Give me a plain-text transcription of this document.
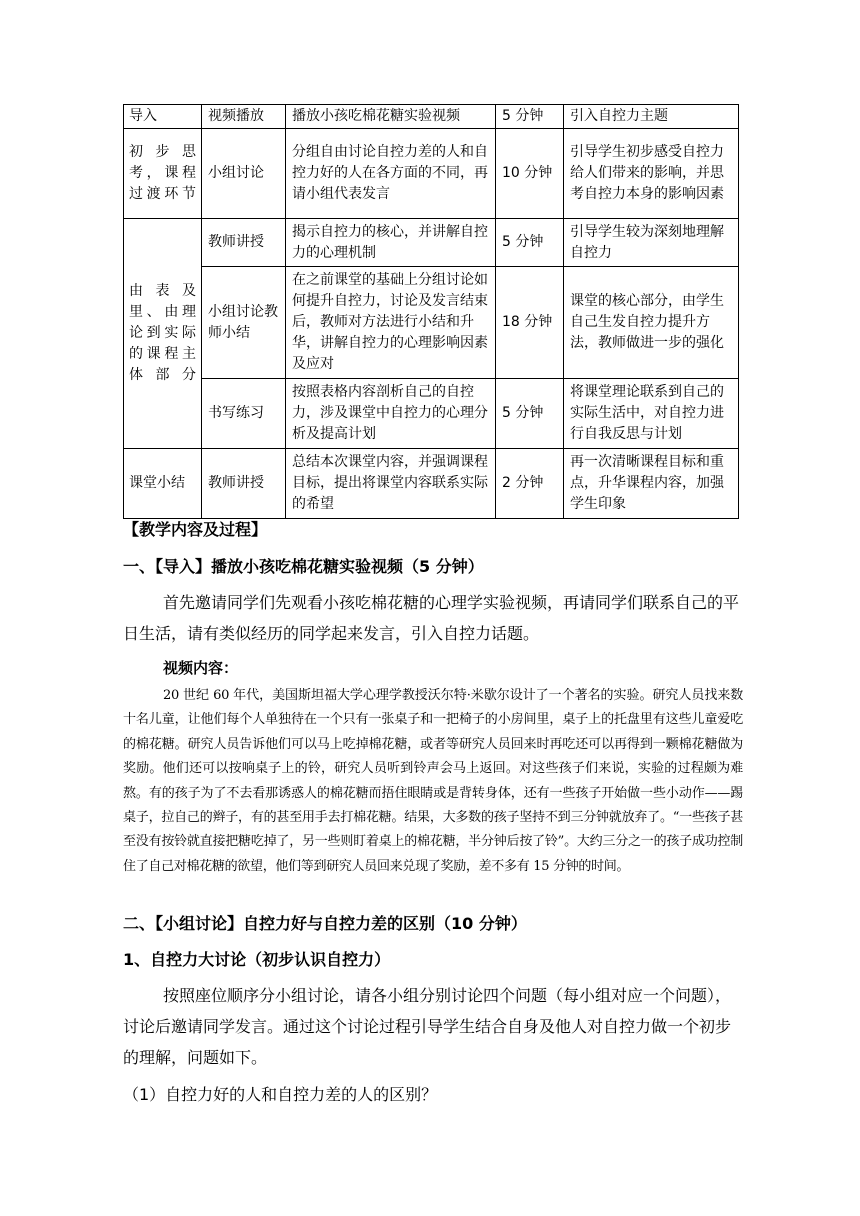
导入	视频播放	播放小孩吃棉花糖实验视频	5 分钟	引入自控力主题
初步思考，课程过渡环节	小组讨论	分组自由讨论自控力差的人和自控力好的人在各方面的不同，再请小组代表发言	10 分钟	引导学生初步感受自控力给人们带来的影响，并思考自控力本身的影响因素
由表及里、由理论到实际的课程主体部分	教师讲授	揭示自控力的核心，并讲解自控力的心理机制	5 分钟	引导学生较为深刻地理解自控力
	小组讨论教师小结	在之前课堂的基础上分组讨论如何提升自控力，讨论及发言结束后，教师对方法进行小结和升华，讲解自控力的心理影响因素及应对	18 分钟	课堂的核心部分，由学生自己生发自控力提升方法，教师做进一步的强化
	书写练习	按照表格内容剖析自己的自控力，涉及课堂中自控力的心理分析及提高计划	5 分钟	将课堂理论联系到自己的实际生活中，对自控力进行自我反思与计划
课堂小结	教师讲授	总结本次课堂内容，并强调课程目标，提出将课堂内容联系实际的希望	2 分钟	再一次清晰课程目标和重点，升华课程内容，加强学生印象
【教学内容及过程】
一、【导入】播放小孩吃棉花糖实验视频（5 分钟）
首先邀请同学们先观看小孩吃棉花糖的心理学实验视频，再请同学们联系自己的平日生活，请有类似经历的同学起来发言，引入自控力话题。
视频内容：
20 世纪 60 年代，美国斯坦福大学心理学教授沃尔特·米歇尔设计了一个著名的实验。研究人员找来数十名儿童，让他们每个人单独待在一个只有一张桌子和一把椅子的小房间里，桌子上的托盘里有这些儿童爱吃的棉花糖。研究人员告诉他们可以马上吃掉棉花糖，或者等研究人员回来时再吃还可以再得到一颗棉花糖做为奖励。他们还可以按响桌子上的铃，研究人员听到铃声会马上返回。对这些孩子们来说，实验的过程颇为难熬。有的孩子为了不去看那诱惑人的棉花糖而捂住眼睛或是背转身体，还有一些孩子开始做一些小动作——踢桌子，拉自己的辫子，有的甚至用手去打棉花糖。结果，大多数的孩子坚持不到三分钟就放弃了。“一些孩子甚至没有按铃就直接把糖吃掉了，另一些则盯着桌上的棉花糖，半分钟后按了铃”。大约三分之一的孩子成功控制住了自己对棉花糖的欲望，他们等到研究人员回来兑现了奖励，差不多有 15 分钟的时间。
二、【小组讨论】自控力好与自控力差的区别（10 分钟）
1、自控力大讨论（初步认识自控力）
按照座位顺序分小组讨论，请各小组分别讨论四个问题（每小组对应一个问题），讨论后邀请同学发言。通过这个讨论过程引导学生结合自身及他人对自控力做一个初步的理解，问题如下。
（1）自控力好的人和自控力差的人的区别？
